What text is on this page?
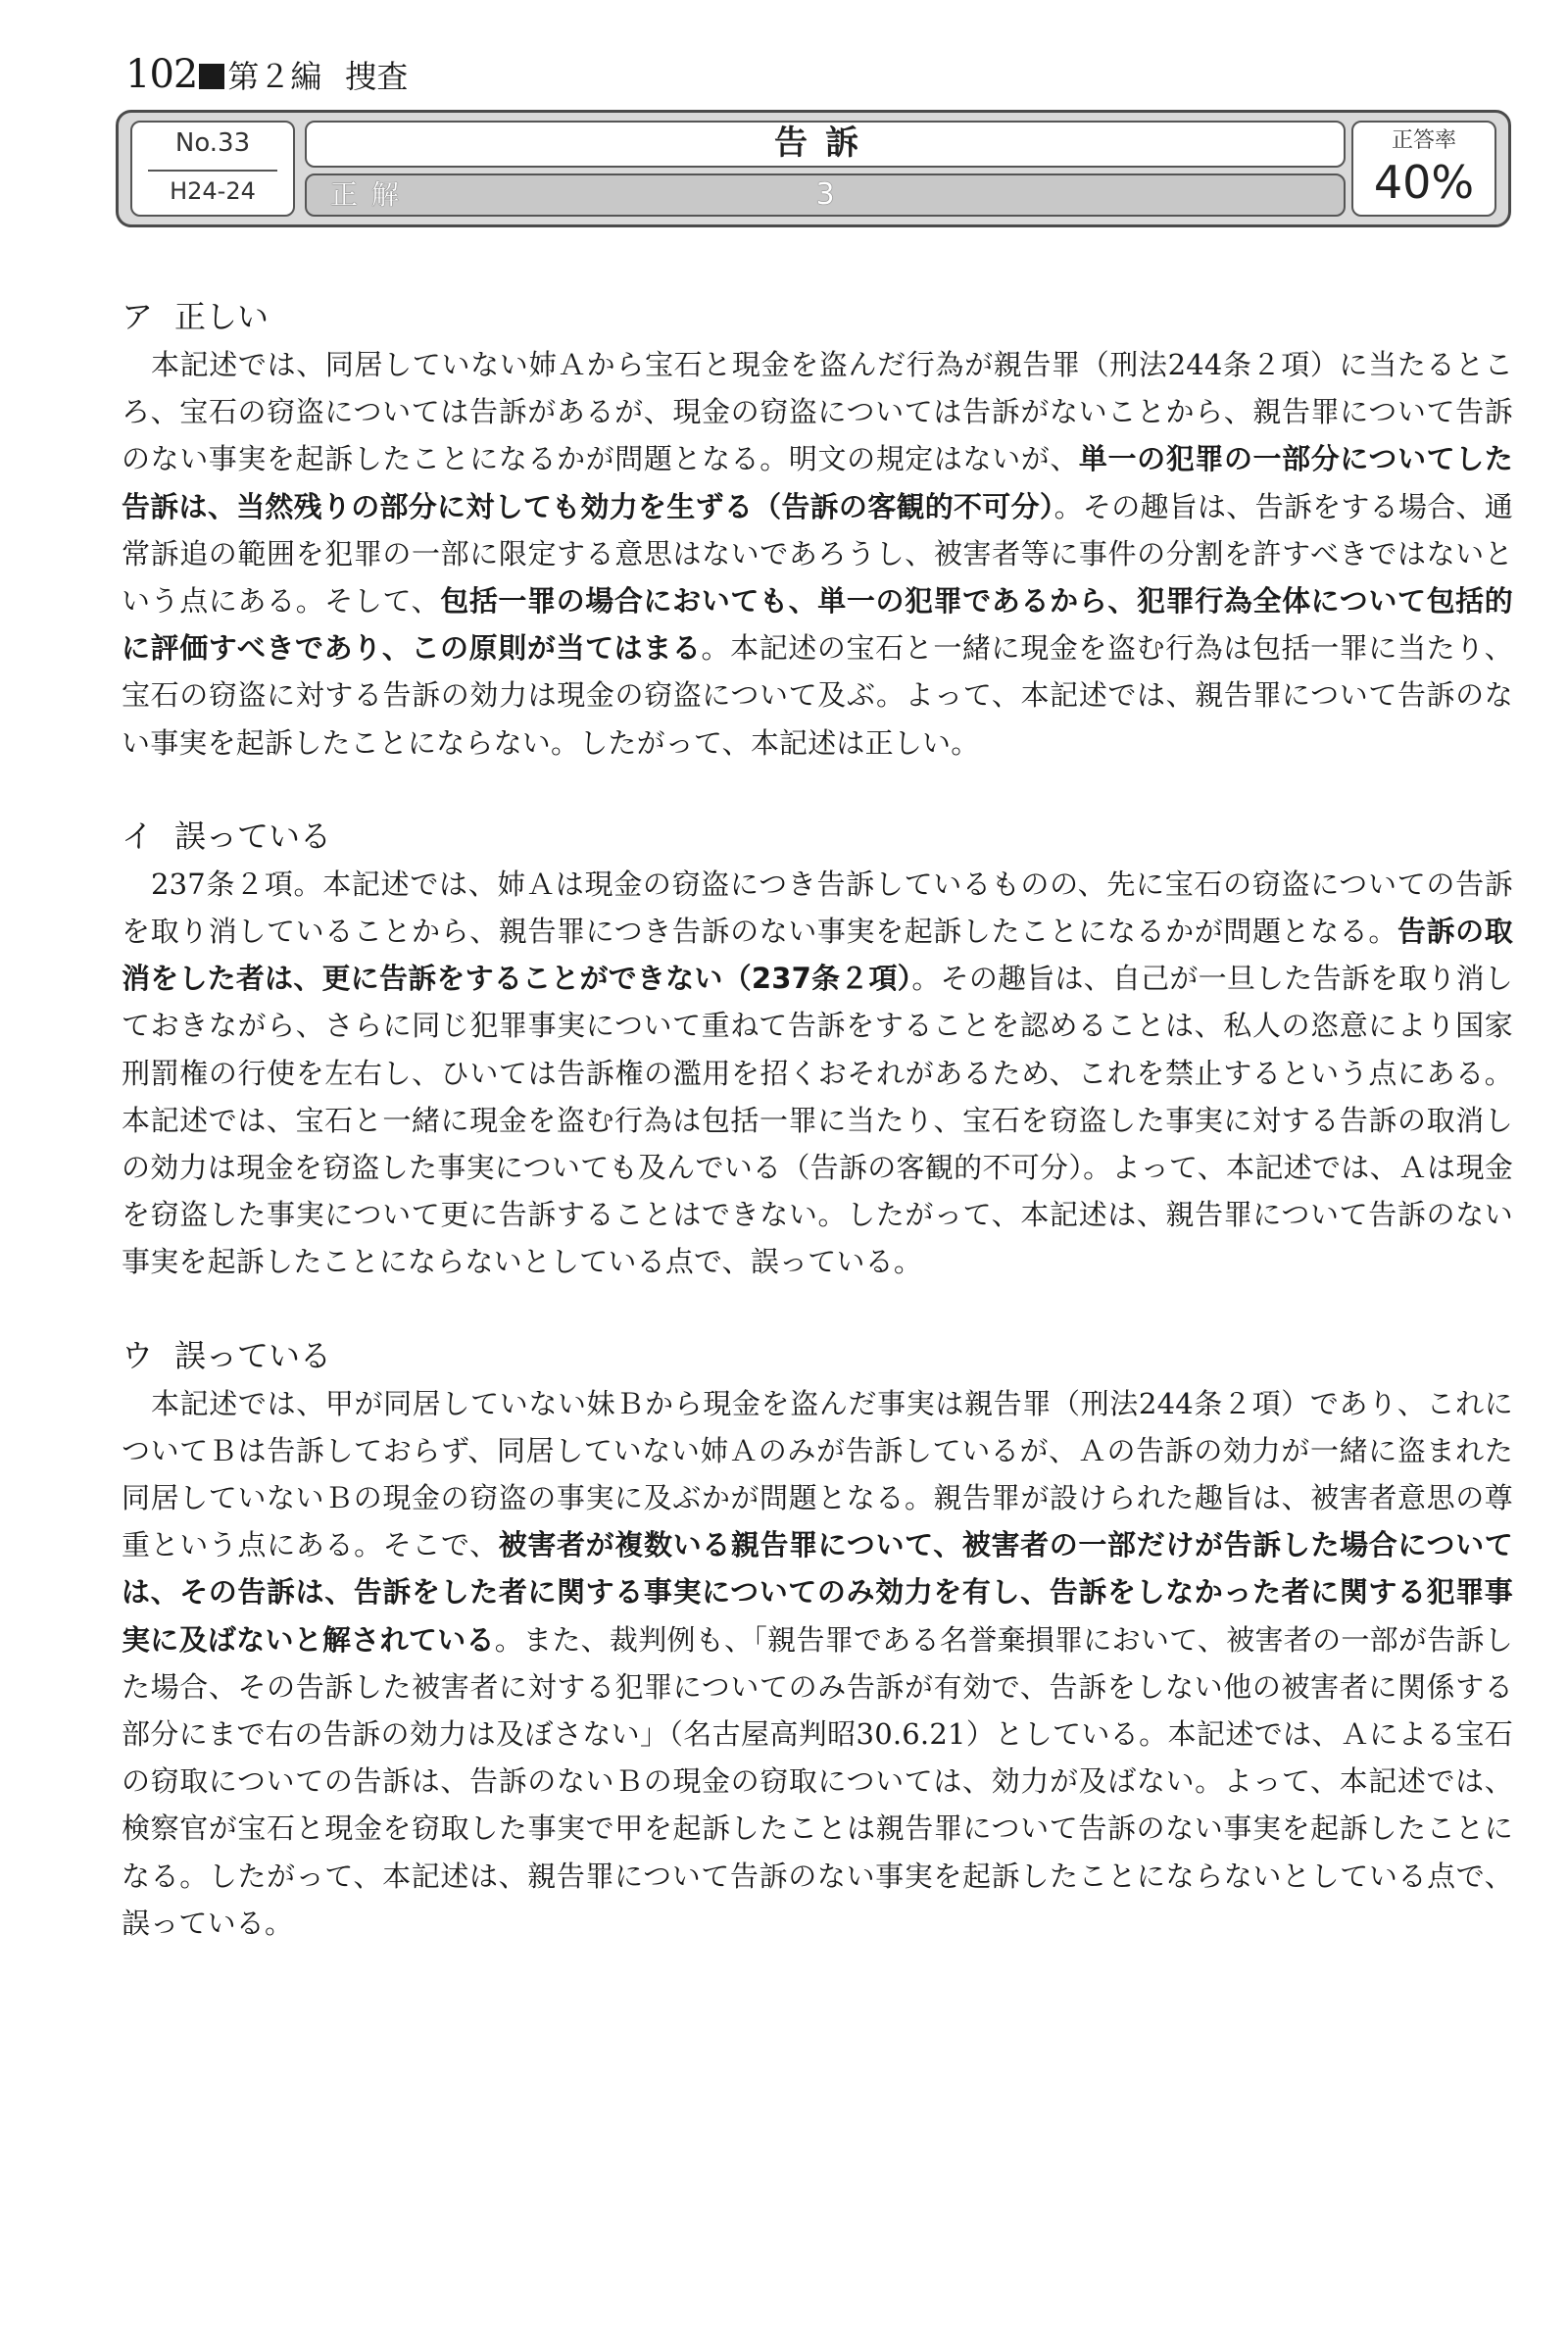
102 第２編 捜査
No.33
H24-24
告訴
正解	3
正答率
40%
ア 正しい
本記述では、同居していない姉Ａから宝石と現金を盗んだ行為が親告罪（刑法244条２項）に当たるところ、宝石の窃盗については告訴があるが、現金の窃盗については告訴がないことから、親告罪について告訴のない事実を起訴したことになるかが問題となる。明文の規定はないが、単一の犯罪の一部分についてした告訴は、当然残りの部分に対しても効力を生ずる（告訴の客観的不可分）。その趣旨は、告訴をする場合、通常訴追の範囲を犯罪の一部に限定する意思はないであろうし、被害者等に事件の分割を許すべきではないという点にある。そして、包括一罪の場合においても、単一の犯罪であるから、犯罪行為全体について包括的に評価すべきであり、この原則が当てはまる。本記述の宝石と一緒に現金を盗む行為は包括一罪に当たり、宝石の窃盗に対する告訴の効力は現金の窃盗について及ぶ。よって、本記述では、親告罪について告訴のない事実を起訴したことにならない。したがって、本記述は正しい。
イ 誤っている
237条２項。本記述では、姉Ａは現金の窃盗につき告訴しているものの、先に宝石の窃盗についての告訴を取り消していることから、親告罪につき告訴のない事実を起訴したことになるかが問題となる。告訴の取消をした者は、更に告訴をすることができない（237条２項）。その趣旨は、自己が一旦した告訴を取り消しておきながら、さらに同じ犯罪事実について重ねて告訴をすることを認めることは、私人の恣意により国家刑罰権の行使を左右し、ひいては告訴権の濫用を招くおそれがあるため、これを禁止するという点にある。本記述では、宝石と一緒に現金を盗む行為は包括一罪に当たり、宝石を窃盗した事実に対する告訴の取消しの効力は現金を窃盗した事実についても及んでいる（告訴の客観的不可分）。よって、本記述では、Ａは現金を窃盗した事実について更に告訴することはできない。したがって、本記述は、親告罪について告訴のない事実を起訴したことにならないとしている点で、誤っている。
ウ 誤っている
本記述では、甲が同居していない妹Ｂから現金を盗んだ事実は親告罪（刑法244条２項）であり、これについてＢは告訴しておらず、同居していない姉Ａのみが告訴しているが、Ａの告訴の効力が一緒に盗まれた同居していないＢの現金の窃盗の事実に及ぶかが問題となる。親告罪が設けられた趣旨は、被害者意思の尊重という点にある。そこで、被害者が複数いる親告罪について、被害者の一部だけが告訴した場合については、その告訴は、告訴をした者に関する事実についてのみ効力を有し、告訴をしなかった者に関する犯罪事実に及ばないと解されている。また、裁判例も、「親告罪である名誉棄損罪において、被害者の一部が告訴した場合、その告訴した被害者に対する犯罪についてのみ告訴が有効で、告訴をしない他の被害者に関係する部分にまで右の告訴の効力は及ぼさない」（名古屋高判昭30.6.21）としている。本記述では、Ａによる宝石の窃取についての告訴は、告訴のないＢの現金の窃取については、効力が及ばない。よって、本記述では、検察官が宝石と現金を窃取した事実で甲を起訴したことは親告罪について告訴のない事実を起訴したことになる。したがって、本記述は、親告罪について告訴のない事実を起訴したことにならないとしている点で、誤っている。
